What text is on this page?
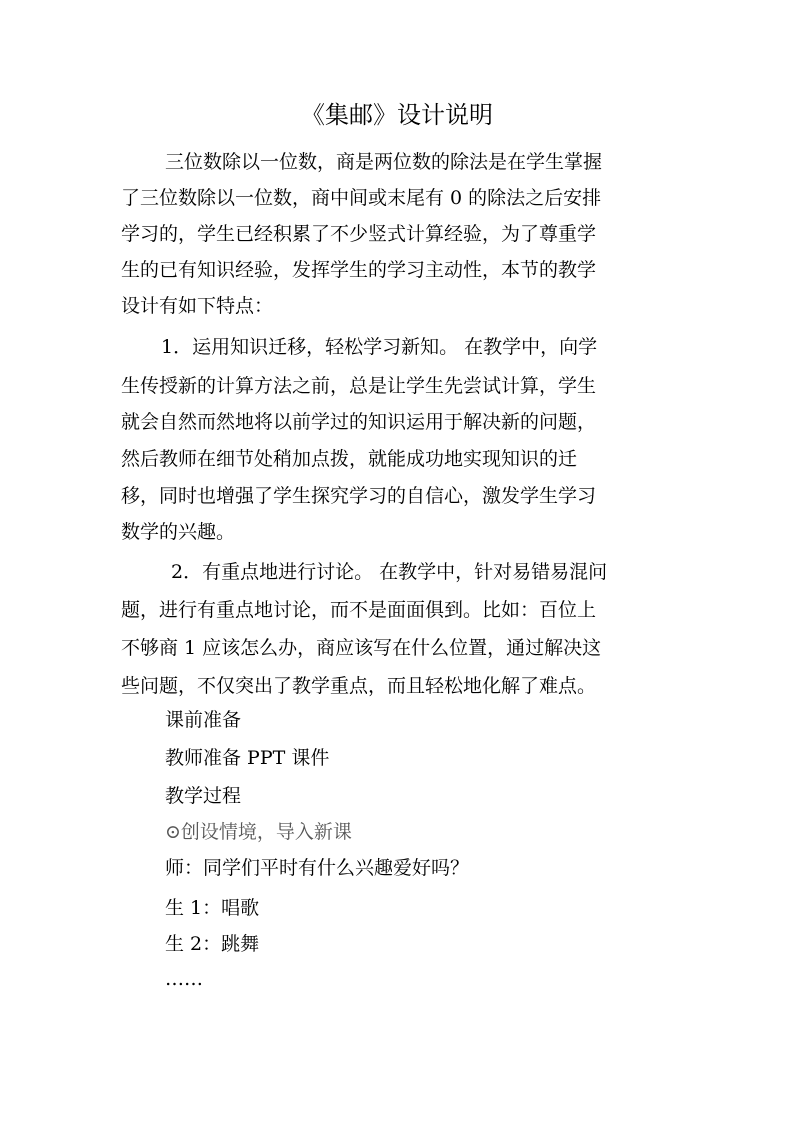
《集邮》设计说明
三位数除以一位数，商是两位数的除法是在学生掌握
了三位数除以一位数，商中间或末尾有 0 的除法之后安排
学习的，学生已经积累了不少竖式计算经验，为了尊重学
生的已有知识经验，发挥学生的学习主动性，本节的教学
设计有如下特点：
1．运用知识迁移，轻松学习新知。 在教学中，向学
生传授新的计算方法之前，总是让学生先尝试计算，学生
就会自然而然地将以前学过的知识运用于解决新的问题，
然后教师在细节处稍加点拨，就能成功地实现知识的迁
移，同时也增强了学生探究学习的自信心，激发学生学习
数学的兴趣。
2．有重点地进行讨论。 在教学中，针对易错易混问
题，进行有重点地讨论，而不是面面俱到。比如：百位上
不够商 1 应该怎么办，商应该写在什么位置，通过解决这
些问题，不仅突出了教学重点，而且轻松地化解了难点。
课前准备
教师准备 PPT 课件
教学过程
⊙创设情境，导入新课
师：同学们平时有什么兴趣爱好吗？
生 1：唱歌
生 2：跳舞
……
